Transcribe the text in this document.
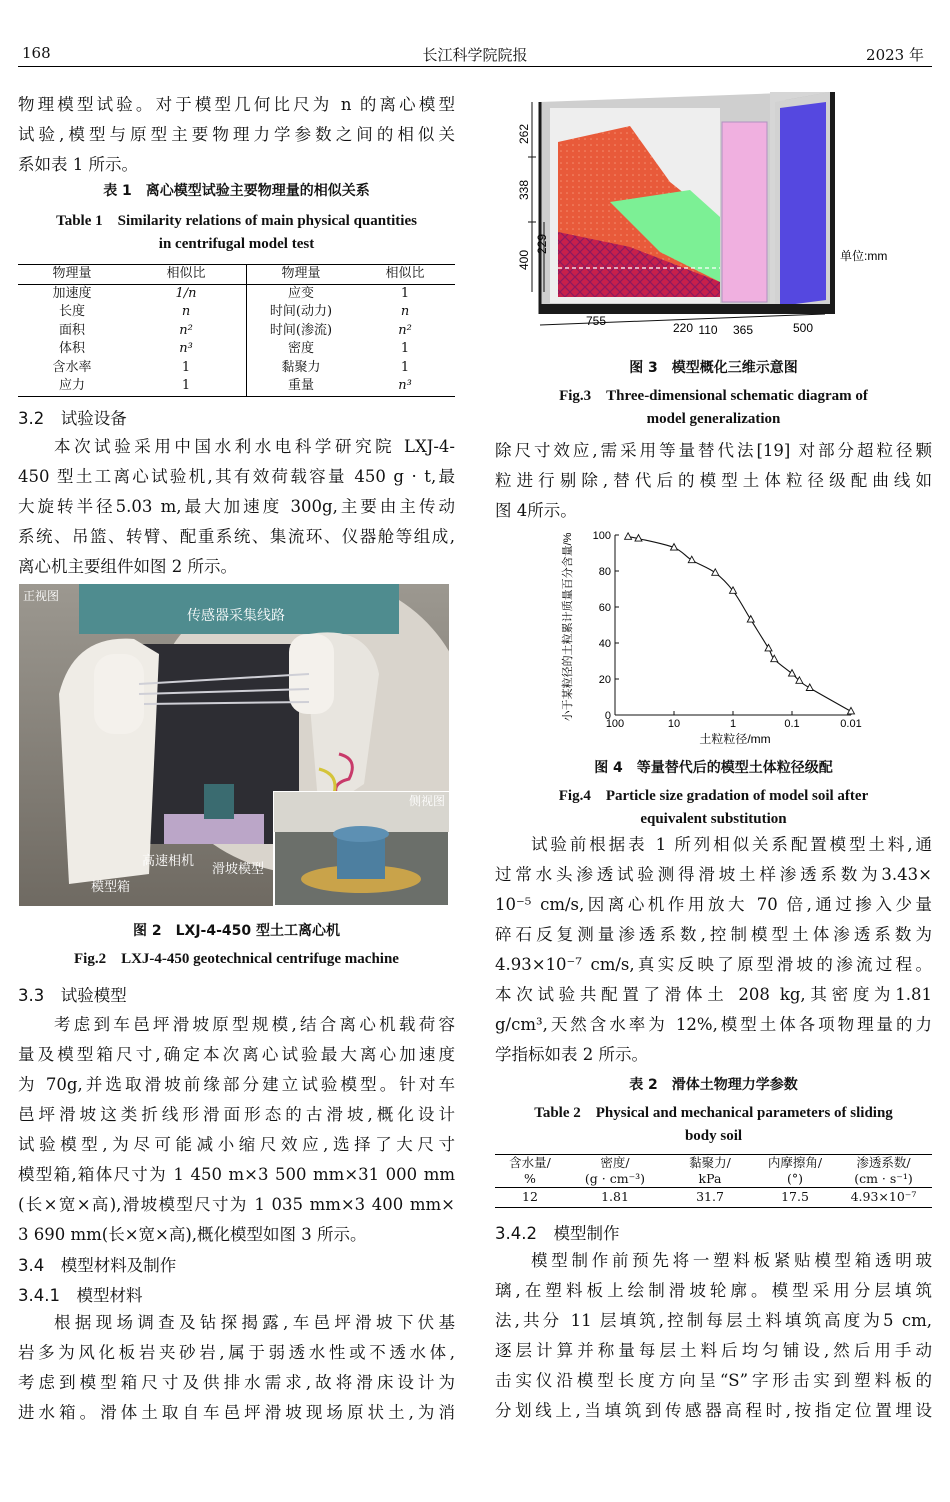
168	长江科学院院报	2023 年
物理模型试验。对于模型几何比尺为 n 的离心模型
试验,模型与原型主要物理力学参数之间的相似关
系如表 1 所示。
表 1　离心模型试验主要物理量的相似关系
Table 1　Similarity relations of main physical quantities
in centrifugal model test
物理量	相似比	物理量	相似比
加速度	1/n	应变	1
长度	n	时间(动力)	n
面积	n²	时间(渗流)	n²
体积	n³	密度	1
含水率	1	黏聚力	1
应力	1	重量	n³
3.2　试验设备
本次试验采用中国水利水电科学研究院 LXJ-4-
450 型土工离心试验机,其有效荷载容量 450 g · t,最
大旋转半径5.03 m,最大加速度 300g,主要由主传动
系统、吊篮、转臂、配重系统、集流环、仪器舱等组成,
离心机主要组件如图 2 所示。
正视图
传感器采集线路
侧视图
高速相机
滑坡模型
模型箱
图 2　LXJ-4-450 型土工离心机
Fig.2　LXJ-4-450 geotechnical centrifuge machine
3.3　试验模型
考虑到车邑坪滑坡原型规模,结合离心机载荷容
量及模型箱尺寸,确定本次离心试验最大离心加速度
为 70g,并选取滑坡前缘部分建立试验模型。针对车
邑坪滑坡这类折线形滑面形态的古滑坡,概化设计
试验模型,为尽可能减小缩尺效应,选择了大尺寸
模型箱,箱体尺寸为 1 450 m×3 500 mm×31 000 mm
(长×宽×高),滑坡模型尺寸为 1 035 mm×3 400 mm×
3 690 mm(长×宽×高),概化模型如图 3 所示。
3.4　模型材料及制作
3.4.1　模型材料
根据现场调查及钻探揭露,车邑坪滑坡下伏基
岩多为风化板岩夹砂岩,属于弱透水性或不透水体,
考虑到模型箱尺寸及供排水需求,故将滑床设计为
进水箱。滑体土取自车邑坪滑坡现场原状土,为消
262
338
400
229
755	220 110 365	500
单位:mm
图 3　模型概化三维示意图
Fig.3　Three-dimensional schematic diagram of
model generalization
除尺寸效应,需采用等量替代法[19] 对部分超粒径颗
粒进行剔除,替代后的模型土体粒径级配曲线如
图 4所示。
100	10	1	0.1	0.01
0
20
40
60
80
100
土粒粒径/mm
小于某粒径的土粒累计质量百分含量/%
图 4　等量替代后的模型土体粒径级配
Fig.4　Particle size gradation of model soil after
equivalent substitution
试验前根据表 1 所列相似关系配置模型土料,通
过常水头渗透试验测得滑坡土样渗透系数为3.43×
10⁻⁵ cm/s,因离心机作用放大 70 倍,通过掺入少量
碎石反复测量渗透系数,控制模型土体渗透系数为
4.93×10⁻⁷ cm/s,真实反映了原型滑坡的渗流过程。
本次试验共配置了滑体土 208 kg,其密度为1.81
g/cm³,天然含水率为 12%,模型土体各项物理量的力
学指标如表 2 所示。
表 2　滑体土物理力学参数
Table 2　Physical and mechanical parameters of sliding
body soil
含水量/	密度/	黏聚力/	内摩擦角/	渗透系数/
%	(g · cm⁻³)	kPa	(°)	(cm · s⁻¹)
12	1.81	31.7	17.5	4.93×10⁻⁷
3.4.2　模型制作
模型制作前预先将一塑料板紧贴模型箱透明玻
璃,在塑料板上绘制滑坡轮廓。模型采用分层填筑
法,共分 11 层填筑,控制每层土料填筑高度为5 cm,
逐层计算并称量每层土料后均匀铺设,然后用手动
击实仪沿模型长度方向呈“S”字形击实到塑料板的
分划线上,当填筑到传感器高程时,按指定位置埋设
